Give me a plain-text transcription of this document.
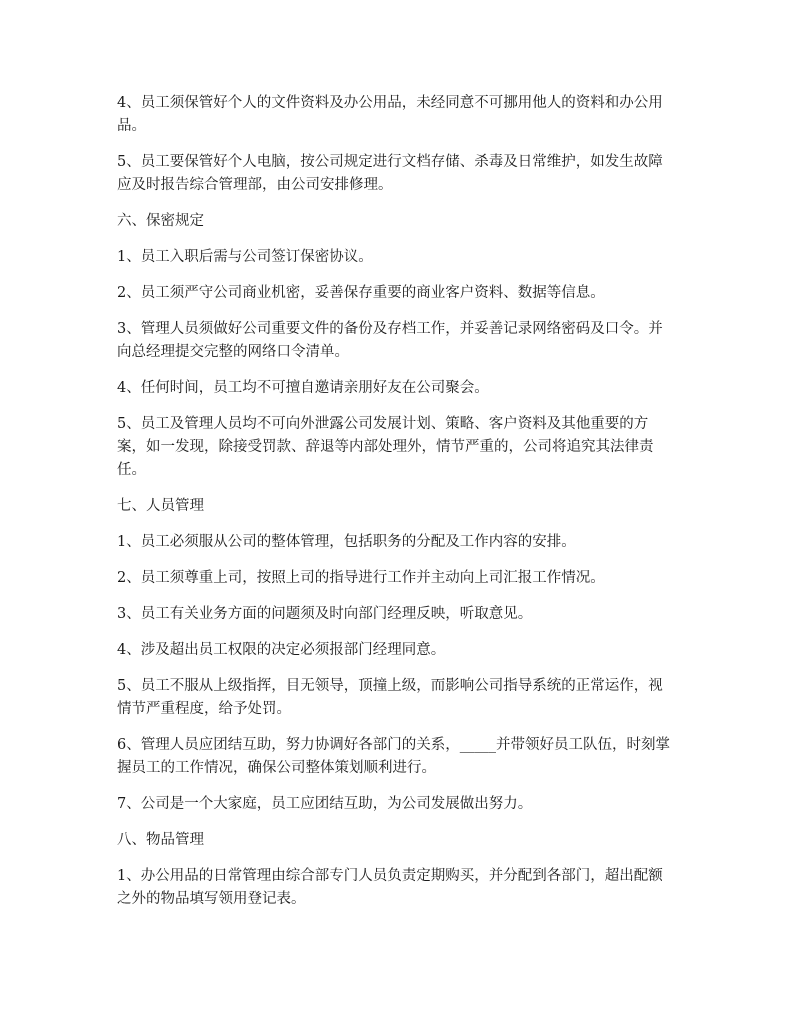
4、员工须保管好个人的文件资料及办公用品，未经同意不可挪用他人的资料和办公用品。

5、员工要保管好个人电脑，按公司规定进行文档存储、杀毒及日常维护，如发生故障应及时报告综合管理部，由公司安排修理。

六、保密规定

1、员工入职后需与公司签订保密协议。

2、员工须严守公司商业机密，妥善保存重要的商业客户资料、数据等信息。

3、管理人员须做好公司重要文件的备份及存档工作，并妥善记录网络密码及口令。并向总经理提交完整的网络口令清单。

4、任何时间，员工均不可擅自邀请亲朋好友在公司聚会。

5、员工及管理人员均不可向外泄露公司发展计划、策略、客户资料及其他重要的方案，如一发现，除接受罚款、辞退等内部处理外，情节严重的，公司将追究其法律责任。

七、人员管理

1、员工必须服从公司的整体管理，包括职务的分配及工作内容的安排。

2、员工须尊重上司，按照上司的指导进行工作并主动向上司汇报工作情况。

3、员工有关业务方面的问题须及时向部门经理反映，听取意见。

4、涉及超出员工权限的决定必须报部门经理同意。

5、员工不服从上级指挥，目无领导，顶撞上级，而影响公司指导系统的正常运作，视情节严重程度，给予处罚。

6、管理人员应团结互助，努力协调好各部门的关系，_____并带领好员工队伍，时刻掌握员工的工作情况，确保公司整体策划顺利进行。

7、公司是一个大家庭，员工应团结互助，为公司发展做出努力。

八、物品管理

1、办公用品的日常管理由综合部专门人员负责定期购买，并分配到各部门，超出配额之外的物品填写领用登记表。
